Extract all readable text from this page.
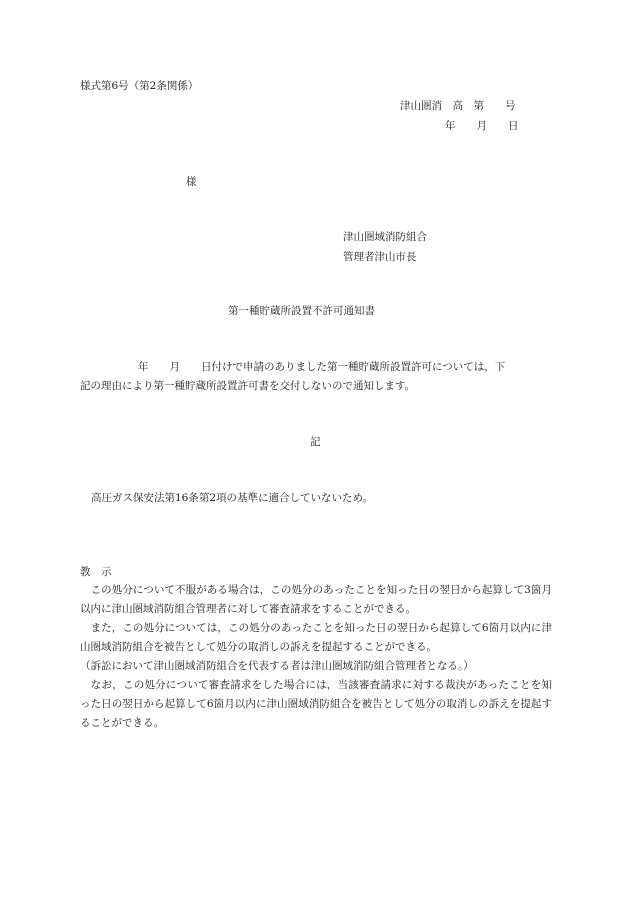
様式第6号（第2条関係）
津山圏消　高　第　　号
年　　月　　日
様
津山圏域消防組合
管理者津山市長
第一種貯蔵所設置不許可通知書
年　　月　　日付けで申請のありました第一種貯蔵所設置許可については，下
記の理由により第一種貯蔵所設置許可書を交付しないので通知します。
記
高圧ガス保安法第16条第2項の基準に適合していないため。
教　示
　この処分について不服がある場合は，この処分のあったことを知った日の翌日から起算して3箇月以内に津山圏域消防組合管理者に対して審査請求をすることができる。
　また，この処分については，この処分のあったことを知った日の翌日から起算して6箇月以内に津山圏域消防組合を被告として処分の取消しの訴えを提起することができる。
（訴訟において津山圏域消防組合を代表する者は津山圏域消防組合管理者となる。）
　なお，この処分について審査請求をした場合には，当該審査請求に対する裁決があったことを知った日の翌日から起算して6箇月以内に津山圏域消防組合を被告として処分の取消しの訴えを提起することができる。
